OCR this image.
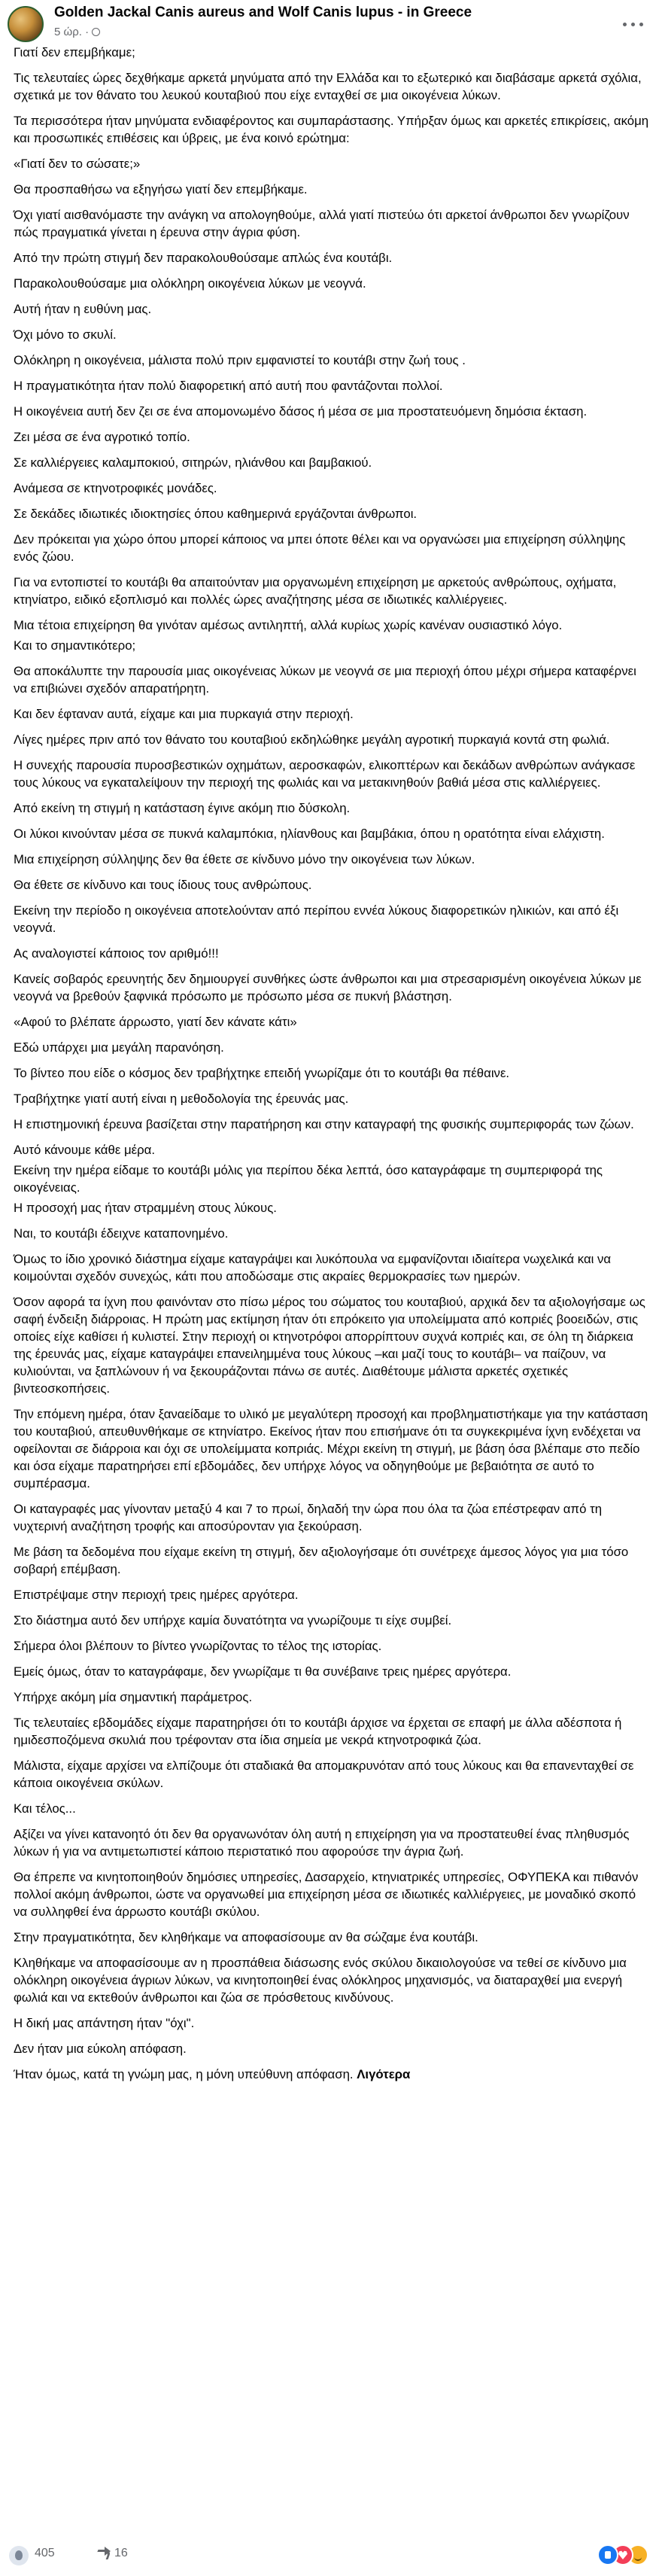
Golden Jackal Canis aureus and Wolf Canis lupus - in Greece
5 ώρ. ·

Γιατί δεν επεμβήκαμε;

Τις τελευταίες ώρες δεχθήκαμε αρκετά μηνύματα από την Ελλάδα και το εξωτερικό και διαβάσαμε αρκετά σχόλια, σχετικά με τον θάνατο του λευκού κουταβιού που είχε ενταχθεί σε μια οικογένεια λύκων.

Τα περισσότερα ήταν μηνύματα ενδιαφέροντος και συμπαράστασης. Υπήρξαν όμως και αρκετές επικρίσεις, ακόμη και προσωπικές επιθέσεις και ύβρεις, με ένα κοινό ερώτημα:

«Γιατί δεν το σώσατε;»

Θα προσπαθήσω να εξηγήσω γιατί δεν επεμβήκαμε.

Όχι γιατί αισθανόμαστε την ανάγκη να απολογηθούμε, αλλά γιατί πιστεύω ότι αρκετοί άνθρωποι δεν γνωρίζουν πώς πραγματικά γίνεται η έρευνα στην άγρια φύση.

Από την πρώτη στιγμή δεν παρακολουθούσαμε απλώς ένα κουτάβι.

Παρακολουθούσαμε μια ολόκληρη οικογένεια λύκων με νεογνά.

Αυτή ήταν η ευθύνη μας.

Όχι μόνο το σκυλί.

Ολόκληρη η οικογένεια, μάλιστα πολύ πριν εμφανιστεί το κουτάβι στην ζωή τους .

Η πραγματικότητα ήταν πολύ διαφορετική από αυτή που φαντάζονται πολλοί.

Η οικογένεια αυτή δεν ζει σε ένα απομονωμένο δάσος ή μέσα σε μια προστατευόμενη δημόσια έκταση.

Ζει μέσα σε ένα αγροτικό τοπίο.

Σε καλλιέργειες καλαμποκιού, σιτηρών, ηλιάνθου και βαμβακιού.

Ανάμεσα σε κτηνοτροφικές μονάδες.

Σε δεκάδες ιδιωτικές ιδιοκτησίες όπου καθημερινά εργάζονται άνθρωποι.

Δεν πρόκειται για χώρο όπου μπορεί κάποιος να μπει όποτε θέλει και να οργανώσει μια επιχείρηση σύλληψης ενός ζώου.

Για να εντοπιστεί το κουτάβι θα απαιτούνταν μια οργανωμένη επιχείρηση με αρκετούς ανθρώπους, οχήματα, κτηνίατρο, ειδικό εξοπλισμό και πολλές ώρες αναζήτησης μέσα σε ιδιωτικές καλλιέργειες.

Μια τέτοια επιχείρηση θα γινόταν αμέσως αντιληπτή, αλλά κυρίως χωρίς κανέναν ουσιαστικό λόγο.

Και το σημαντικότερο;

Θα αποκάλυπτε την παρουσία μιας οικογένειας λύκων με νεογνά σε μια περιοχή όπου μέχρι σήμερα καταφέρνει να επιβιώνει σχεδόν απαρατήρητη.

Και δεν έφταναν αυτά, είχαμε και μια πυρκαγιά στην περιοχή.

Λίγες ημέρες πριν από τον θάνατο του κουταβιού εκδηλώθηκε μεγάλη αγροτική πυρκαγιά κοντά στη φωλιά.

Η συνεχής παρουσία πυροσβεστικών οχημάτων, αεροσκαφών, ελικοπτέρων και δεκάδων ανθρώπων ανάγκασε τους λύκους να εγκαταλείψουν την περιοχή της φωλιάς και να μετακινηθούν βαθιά μέσα στις καλλιέργειες.

Από εκείνη τη στιγμή η κατάσταση έγινε ακόμη πιο δύσκολη.

Οι λύκοι κινούνταν μέσα σε πυκνά καλαμπόκια, ηλίανθους και βαμβάκια, όπου η ορατότητα είναι ελάχιστη.

Μια επιχείρηση σύλληψης δεν θα έθετε σε κίνδυνο μόνο την οικογένεια των λύκων.

Θα έθετε σε κίνδυνο και τους ίδιους τους ανθρώπους.

Εκείνη την περίοδο η οικογένεια αποτελούνταν από περίπου εννέα λύκους διαφορετικών ηλικιών, και από έξι νεογνά.

Ας αναλογιστεί κάποιος τον αριθμό!!!

Κανείς σοβαρός ερευνητής δεν δημιουργεί συνθήκες ώστε άνθρωποι και μια στρεσαρισμένη οικογένεια λύκων με νεογνά να βρεθούν ξαφνικά πρόσωπο με πρόσωπο μέσα σε πυκνή βλάστηση.

«Αφού το βλέπατε άρρωστο, γιατί δεν κάνατε κάτι»

Εδώ υπάρχει μια μεγάλη παρανόηση.

Το βίντεο που είδε ο κόσμος δεν τραβήχτηκε επειδή γνωρίζαμε ότι το κουτάβι θα πέθαινε.

Τραβήχτηκε γιατί αυτή είναι η μεθοδολογία της έρευνάς μας.

Η επιστημονική έρευνα βασίζεται στην παρατήρηση και στην καταγραφή της φυσικής συμπεριφοράς των ζώων.

Αυτό κάνουμε κάθε μέρα.

Εκείνη την ημέρα είδαμε το κουτάβι μόλις για περίπου δέκα λεπτά, όσο καταγράφαμε τη συμπεριφορά της οικογένειας.

Η προσοχή μας ήταν στραμμένη στους λύκους.

Ναι, το κουτάβι έδειχνε καταπονημένο.

Όμως το ίδιο χρονικό διάστημα είχαμε καταγράψει και λυκόπουλα να εμφανίζονται ιδιαίτερα νωχελικά και να κοιμούνται σχεδόν συνεχώς, κάτι που αποδώσαμε στις ακραίες θερμοκρασίες των ημερών.

Όσον αφορά τα ίχνη που φαινόνταν στο πίσω μέρος του σώματος του κουταβιού, αρχικά δεν τα αξιολογήσαμε ως σαφή ένδειξη διάρροιας. Η πρώτη μας εκτίμηση ήταν ότι επρόκειτο για υπολείμματα από κοπριές βοοειδών, στις οποίες είχε καθίσει ή κυλιστεί. Στην περιοχή οι κτηνοτρόφοι απορρίπτουν συχνά κοπριές και, σε όλη τη διάρκεια της έρευνάς μας, είχαμε καταγράψει επανειλημμένα τους λύκους –και μαζί τους το κουτάβι– να παίζουν, να κυλιούνται, να ξαπλώνουν ή να ξεκουράζονται πάνω σε αυτές. Διαθέτουμε μάλιστα αρκετές σχετικές βιντεοσκοπήσεις.

Την επόμενη ημέρα, όταν ξαναείδαμε το υλικό με μεγαλύτερη προσοχή και προβληματιστήκαμε για την κατάσταση του κουταβιού, απευθυνθήκαμε σε κτηνίατρο. Εκείνος ήταν που επισήμανε ότι τα συγκεκριμένα ίχνη ενδέχεται να οφείλονται σε διάρροια και όχι σε υπολείμματα κοπριάς. Μέχρι εκείνη τη στιγμή, με βάση όσα βλέπαμε στο πεδίο και όσα είχαμε παρατηρήσει επί εβδομάδες, δεν υπήρχε λόγος να οδηγηθούμε με βεβαιότητα σε αυτό το συμπέρασμα.

Οι καταγραφές μας γίνονταν μεταξύ 4 και 7 το πρωί, δηλαδή την ώρα που όλα τα ζώα επέστρεφαν από τη νυχτερινή αναζήτηση τροφής και αποσύρονταν για ξεκούραση.

Με βάση τα δεδομένα που είχαμε εκείνη τη στιγμή, δεν αξιολογήσαμε ότι συνέτρεχε άμεσος λόγος για μια τόσο σοβαρή επέμβαση.

Επιστρέψαμε στην περιοχή τρεις ημέρες αργότερα.

Στο διάστημα αυτό δεν υπήρχε καμία δυνατότητα να γνωρίζουμε τι είχε συμβεί.

Σήμερα όλοι βλέπουν το βίντεο γνωρίζοντας το τέλος της ιστορίας.

Εμείς όμως, όταν το καταγράφαμε, δεν γνωρίζαμε τι θα συνέβαινε τρεις ημέρες αργότερα.

Υπήρχε ακόμη μία σημαντική παράμετρος.

Τις τελευταίες εβδομάδες είχαμε παρατηρήσει ότι το κουτάβι άρχισε να έρχεται σε επαφή με άλλα αδέσποτα ή ημιδεσποζόμενα σκυλιά που τρέφονταν στα ίδια σημεία με νεκρά κτηνοτροφικά ζώα.

Μάλιστα, είχαμε αρχίσει να ελπίζουμε ότι σταδιακά θα απομακρυνόταν από τους λύκους και θα επανενταχθεί σε κάποια οικογένεια σκύλων.

Και τέλος...

Αξίζει να γίνει κατανοητό ότι δεν θα οργανωνόταν όλη αυτή η επιχείρηση για να προστατευθεί ένας πληθυσμός λύκων ή για να αντιμετωπιστεί κάποιο περιστατικό που αφορούσε την άγρια ζωή.

Θα έπρεπε να κινητοποιηθούν δημόσιες υπηρεσίες, Δασαρχείο, κτηνιατρικές υπηρεσίες, ΟΦΥΠΕΚΑ και πιθανόν πολλοί ακόμη άνθρωποι, ώστε να οργανωθεί μια επιχείρηση μέσα σε ιδιωτικές καλλιέργειες, με μοναδικό σκοπό να συλληφθεί ένα άρρωστο κουτάβι σκύλου.

Στην πραγματικότητα, δεν κληθήκαμε να αποφασίσουμε αν θα σώζαμε ένα κουτάβι.

Κληθήκαμε να αποφασίσουμε αν η προσπάθεια διάσωσης ενός σκύλου δικαιολογούσε να τεθεί σε κίνδυνο μια ολόκληρη οικογένεια άγριων λύκων, να κινητοποιηθεί ένας ολόκληρος μηχανισμός, να διαταραχθεί μια ενεργή φωλιά και να εκτεθούν άνθρωποι και ζώα σε πρόσθετους κινδύνους.

Η δική μας απάντηση ήταν "όχι".

Δεν ήταν μια εύκολη απόφαση.

Ήταν όμως, κατά τη γνώμη μας, η μόνη υπεύθυνη απόφαση. Λιγότερα

405	16
